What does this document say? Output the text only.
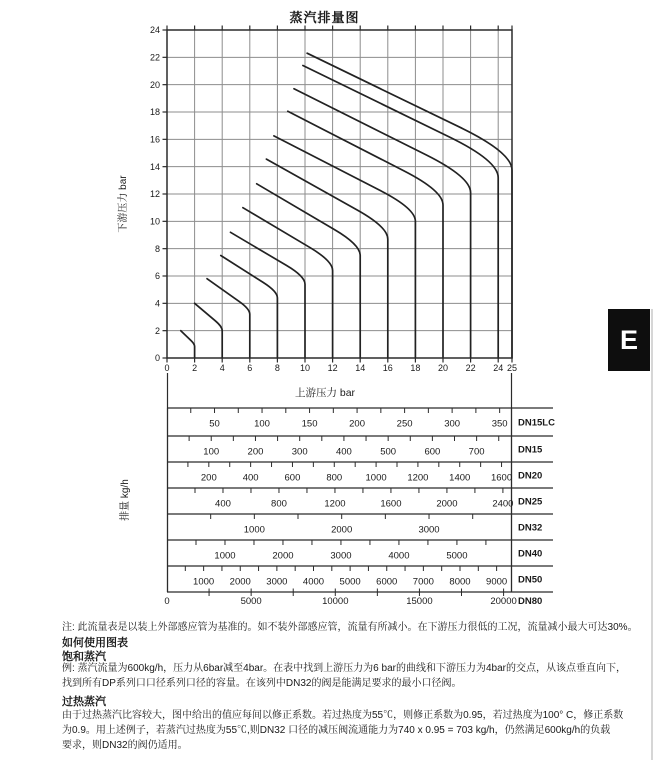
蒸汽排量图
0	2	4	6	8 10 12 14 16 18 20 22 24 25
0
2
4
6
8
10
12
14
16
18
20
22
24
下游压力 bar
排量 kg/h
上游压力 bar
50	100	150	200	250	300	350 DN15LC
100	200	300	400	500	600	700	DN15
200	400	600	800 1000 1200 1400 1600 DN20
400	800	1200	1600	2000	2400 DN25
1000	2000	3000	DN32
1000	2000	3000	4000	5000	DN40
1000 2000 3000 4000 5000 6000 7000 8000 9000 DN50
0	5000	10000	15000	20000 DN80
E
注: 此流量表是以装上外部感应管为基准的。如不装外部感应管，流量有所减小。在下游压力很低的工况，流量减小最大可达30%。
如何使用图表
饱和蒸汽
例: 蒸汽流量为600kg/h，压力从6bar减至4bar。在表中找到上游压力为6 bar的曲线和下游压力为4bar的交点，从该点垂直向下，
找到所有DP系列口口径系列口径的容量。在该列中DN32的阀是能满足要求的最小口径阀。
过热蒸汽
由于过热蒸汽比容较大，图中给出的值应每间以修正系数。若过热度为55℃，则修正系数为0.95，若过热度为100° C，修正系数
为0.9。用上述例子，若蒸汽过热度为55℃,则DN32 口径的减压阀流通能力为740 x 0.95 = 703 kg/h，仍然满足600kg/h的负载
要求，则DN32的阀仍适用。
